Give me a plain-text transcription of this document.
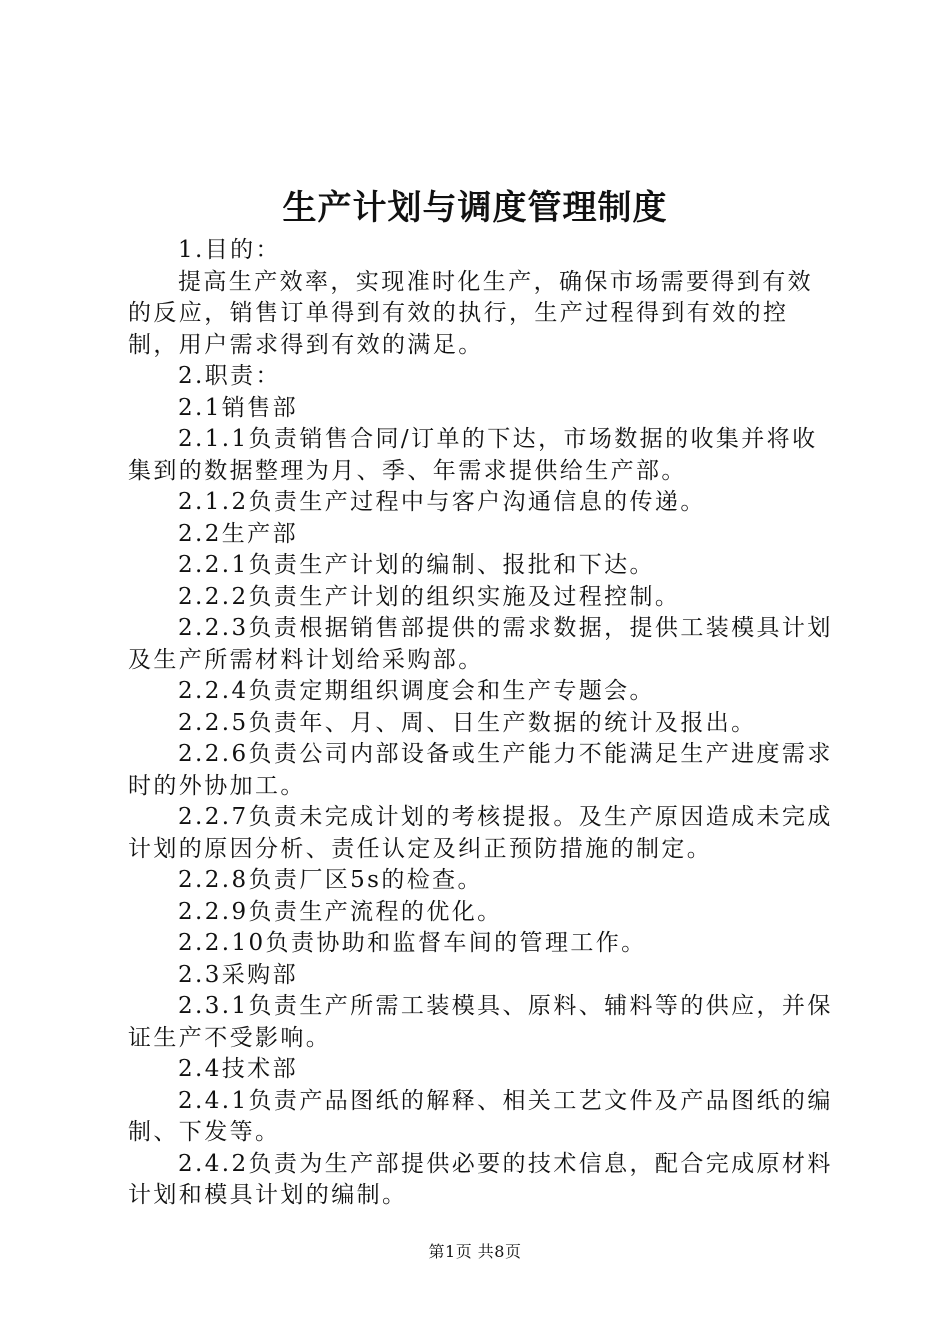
生产计划与调度管理制度

1.目的：

提高生产效率，实现准时化生产，确保市场需要得到有效的反应，销售订单得到有效的执行，生产过程得到有效的控制，用户需求得到有效的满足。

2.职责：

2.1销售部

2.1.1负责销售合同/订单的下达，市场数据的收集并将收集到的数据整理为月、季、年需求提供给生产部。

2.1.2负责生产过程中与客户沟通信息的传递。

2.2生产部

2.2.1负责生产计划的编制、报批和下达。

2.2.2负责生产计划的组织实施及过程控制。

2.2.3负责根据销售部提供的需求数据，提供工装模具计划及生产所需材料计划给采购部。

2.2.4负责定期组织调度会和生产专题会。

2.2.5负责年、月、周、日生产数据的统计及报出。

2.2.6负责公司内部设备或生产能力不能满足生产进度需求时的外协加工。

2.2.7负责未完成计划的考核提报。及生产原因造成未完成计划的原因分析、责任认定及纠正预防措施的制定。

2.2.8负责厂区5s的检查。

2.2.9负责生产流程的优化。

2.2.10负责协助和监督车间的管理工作。

2.3采购部

2.3.1负责生产所需工装模具、原料、辅料等的供应，并保证生产不受影响。

2.4技术部

2.4.1负责产品图纸的解释、相关工艺文件及产品图纸的编制、下发等。

2.4.2负责为生产部提供必要的技术信息，配合完成原材料计划和模具计划的编制。

第1页 共8页
